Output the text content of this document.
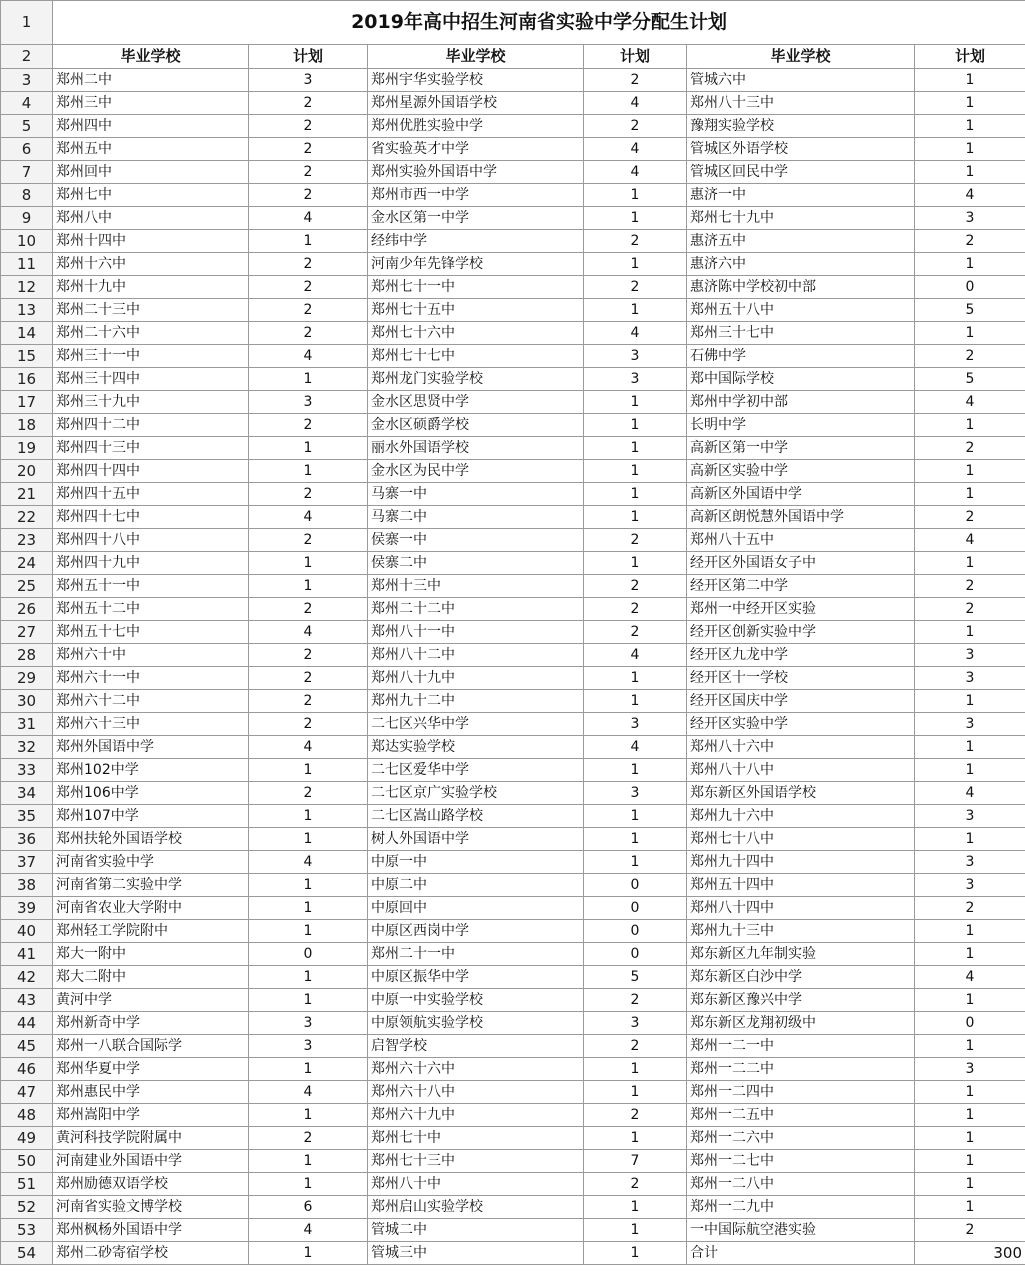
1	2019年高中招生河南省实验中学分配生计划					
2	毕业学校	计划	毕业学校	计划	毕业学校	计划
3	郑州二中	3	郑州宇华实验学校	2	管城六中	1
4	郑州三中	2	郑州星源外国语学校	4	郑州八十三中	1
5	郑州四中	2	郑州优胜实验中学	2	豫翔实验学校	1
6	郑州五中	2	省实验英才中学	4	管城区外语学校	1
7	郑州回中	2	郑州实验外国语中学	4	管城区回民中学	1
8	郑州七中	2	郑州市西一中学	1	惠济一中	4
9	郑州八中	4	金水区第一中学	1	郑州七十九中	3
10	郑州十四中	1	经纬中学	2	惠济五中	2
11	郑州十六中	2	河南少年先锋学校	1	惠济六中	1
12	郑州十九中	2	郑州七十一中	2	惠济陈中学校初中部	0
13	郑州二十三中	2	郑州七十五中	1	郑州五十八中	5
14	郑州二十六中	2	郑州七十六中	4	郑州三十七中	1
15	郑州三十一中	4	郑州七十七中	3	石佛中学	2
16	郑州三十四中	1	郑州龙门实验学校	3	郑中国际学校	5
17	郑州三十九中	3	金水区思贤中学	1	郑州中学初中部	4
18	郑州四十二中	2	金水区硕爵学校	1	长明中学	1
19	郑州四十三中	1	丽水外国语学校	1	高新区第一中学	2
20	郑州四十四中	1	金水区为民中学	1	高新区实验中学	1
21	郑州四十五中	2	马寨一中	1	高新区外国语中学	1
22	郑州四十七中	4	马寨二中	1	高新区朗悦慧外国语中学	2
23	郑州四十八中	2	侯寨一中	2	郑州八十五中	4
24	郑州四十九中	1	侯寨二中	1	经开区外国语女子中	1
25	郑州五十一中	1	郑州十三中	2	经开区第二中学	2
26	郑州五十二中	2	郑州二十二中	2	郑州一中经开区实验	2
27	郑州五十七中	4	郑州八十一中	2	经开区创新实验中学	1
28	郑州六十中	2	郑州八十二中	4	经开区九龙中学	3
29	郑州六十一中	2	郑州八十九中	1	经开区十一学校	3
30	郑州六十二中	2	郑州九十二中	1	经开区国庆中学	1
31	郑州六十三中	2	二七区兴华中学	3	经开区实验中学	3
32	郑州外国语中学	4	郑达实验学校	4	郑州八十六中	1
33	郑州102中学	1	二七区爱华中学	1	郑州八十八中	1
34	郑州106中学	2	二七区京广实验学校	3	郑东新区外国语学校	4
35	郑州107中学	1	二七区嵩山路学校	1	郑州九十六中	3
36	郑州扶轮外国语学校	1	树人外国语中学	1	郑州七十八中	1
37	河南省实验中学	4	中原一中	1	郑州九十四中	3
38	河南省第二实验中学	1	中原二中	0	郑州五十四中	3
39	河南省农业大学附中	1	中原回中	0	郑州八十四中	2
40	郑州轻工学院附中	1	中原区西岗中学	0	郑州九十三中	1
41	郑大一附中	0	郑州二十一中	0	郑东新区九年制实验	1
42	郑大二附中	1	中原区振华中学	5	郑东新区白沙中学	4
43	黄河中学	1	中原一中实验学校	2	郑东新区豫兴中学	1
44	郑州新奇中学	3	中原领航实验学校	3	郑东新区龙翔初级中	0
45	郑州一八联合国际学	3	启智学校	2	郑州一二一中	1
46	郑州华夏中学	1	郑州六十六中	1	郑州一二二中	3
47	郑州惠民中学	4	郑州六十八中	1	郑州一二四中	1
48	郑州嵩阳中学	1	郑州六十九中	2	郑州一二五中	1
49	黄河科技学院附属中	2	郑州七十中	1	郑州一二六中	1
50	河南建业外国语中学	1	郑州七十三中	7	郑州一二七中	1
51	郑州励德双语学校	1	郑州八十中	2	郑州一二八中	1
52	河南省实验文博学校	6	郑州启山实验学校	1	郑州一二九中	1
53	郑州枫杨外国语中学	4	管城二中	1	一中国际航空港实验	2
54	郑州二砂寄宿学校	1	管城三中	1	合计	300
